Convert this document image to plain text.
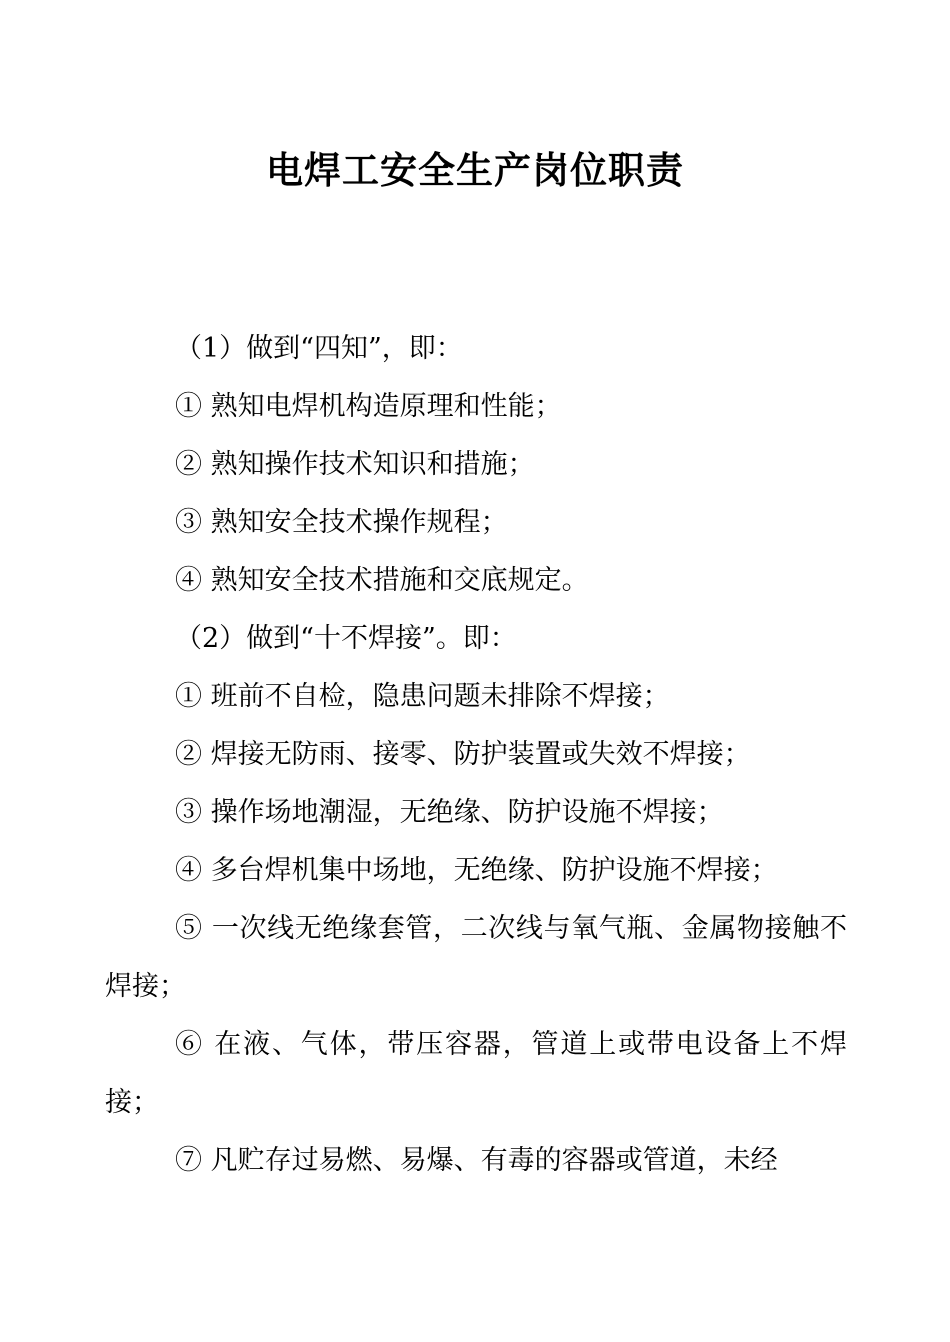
电焊工安全生产岗位职责

（1）做到“四知”，即：

① 熟知电焊机构造原理和性能；

② 熟知操作技术知识和措施；

③ 熟知安全技术操作规程；

④ 熟知安全技术措施和交底规定。

（2）做到“十不焊接”。即：

① 班前不自检，隐患问题未排除不焊接；

② 焊接无防雨、接零、防护装置或失效不焊接；

③ 操作场地潮湿，无绝缘、防护设施不焊接；

④ 多台焊机集中场地，无绝缘、防护设施不焊接；

⑤ 一次线无绝缘套管，二次线与氧气瓶、金属物接触不焊接；

⑥ 在液、气体，带压容器，管道上或带电设备上不焊接；

⑦ 凡贮存过易燃、易爆、有毒的容器或管道，未经
